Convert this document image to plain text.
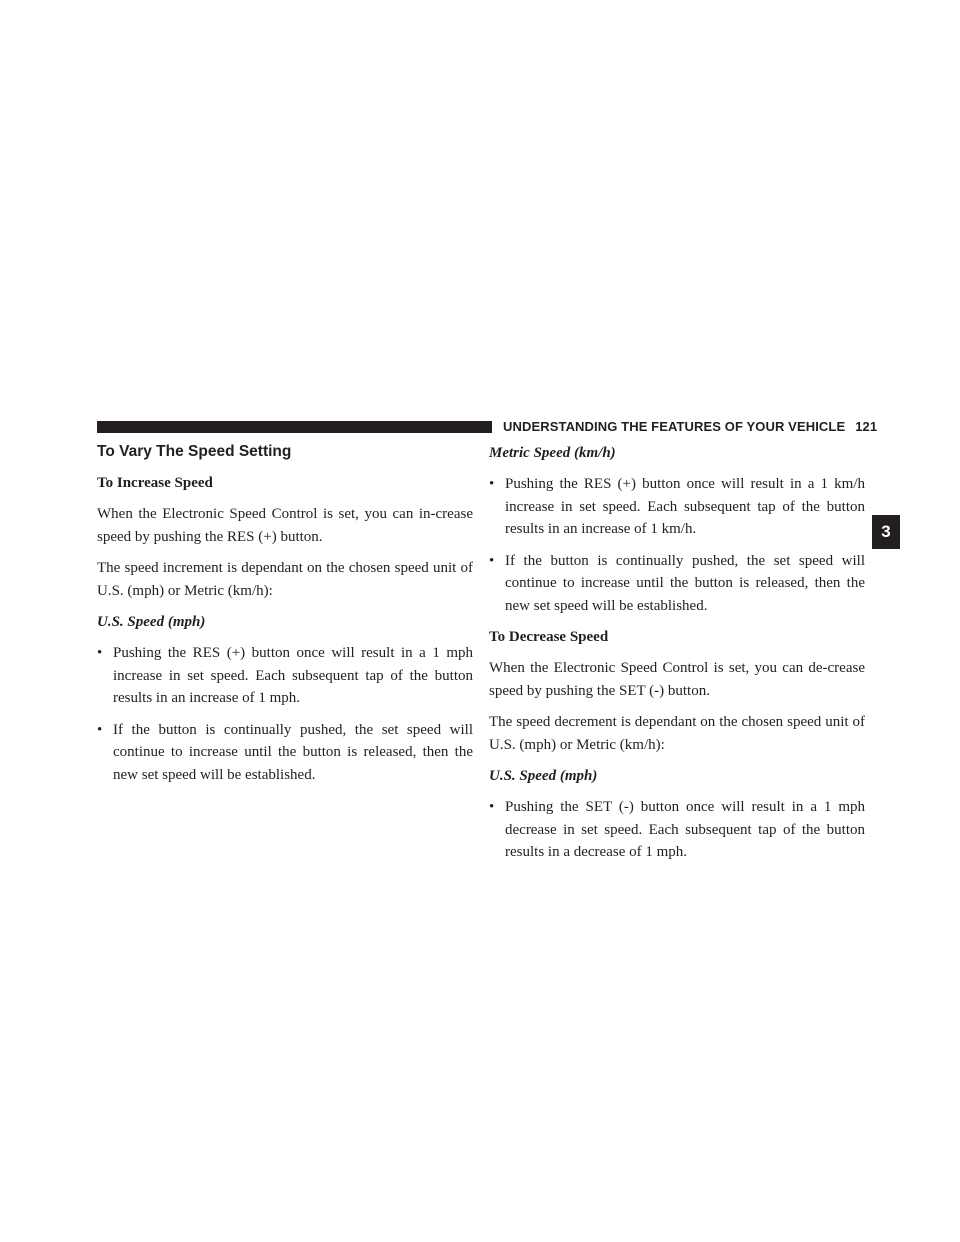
UNDERSTANDING THE FEATURES OF YOUR VEHICLE 121
3
To Vary The Speed Setting

To Increase Speed

When the Electronic Speed Control is set, you can in-crease speed by pushing the RES (+) button.

The speed increment is dependant on the chosen speed unit of U.S. (mph) or Metric (km/h):

U.S. Speed (mph)

• Pushing the RES (+) button once will result in a 1 mph increase in set speed. Each subsequent tap of the button results in an increase of 1 mph.
• If the button is continually pushed, the set speed will continue to increase until the button is released, then the new set speed will be established.

Metric Speed (km/h)

• Pushing the RES (+) button once will result in a 1 km/h increase in set speed. Each subsequent tap of the button results in an increase of 1 km/h.
• If the button is continually pushed, the set speed will continue to increase until the button is released, then the new set speed will be established.

To Decrease Speed

When the Electronic Speed Control is set, you can de-crease speed by pushing the SET (-) button.

The speed decrement is dependant on the chosen speed unit of U.S. (mph) or Metric (km/h):

U.S. Speed (mph)

• Pushing the SET (-) button once will result in a 1 mph decrease in set speed. Each subsequent tap of the button results in a decrease of 1 mph.
